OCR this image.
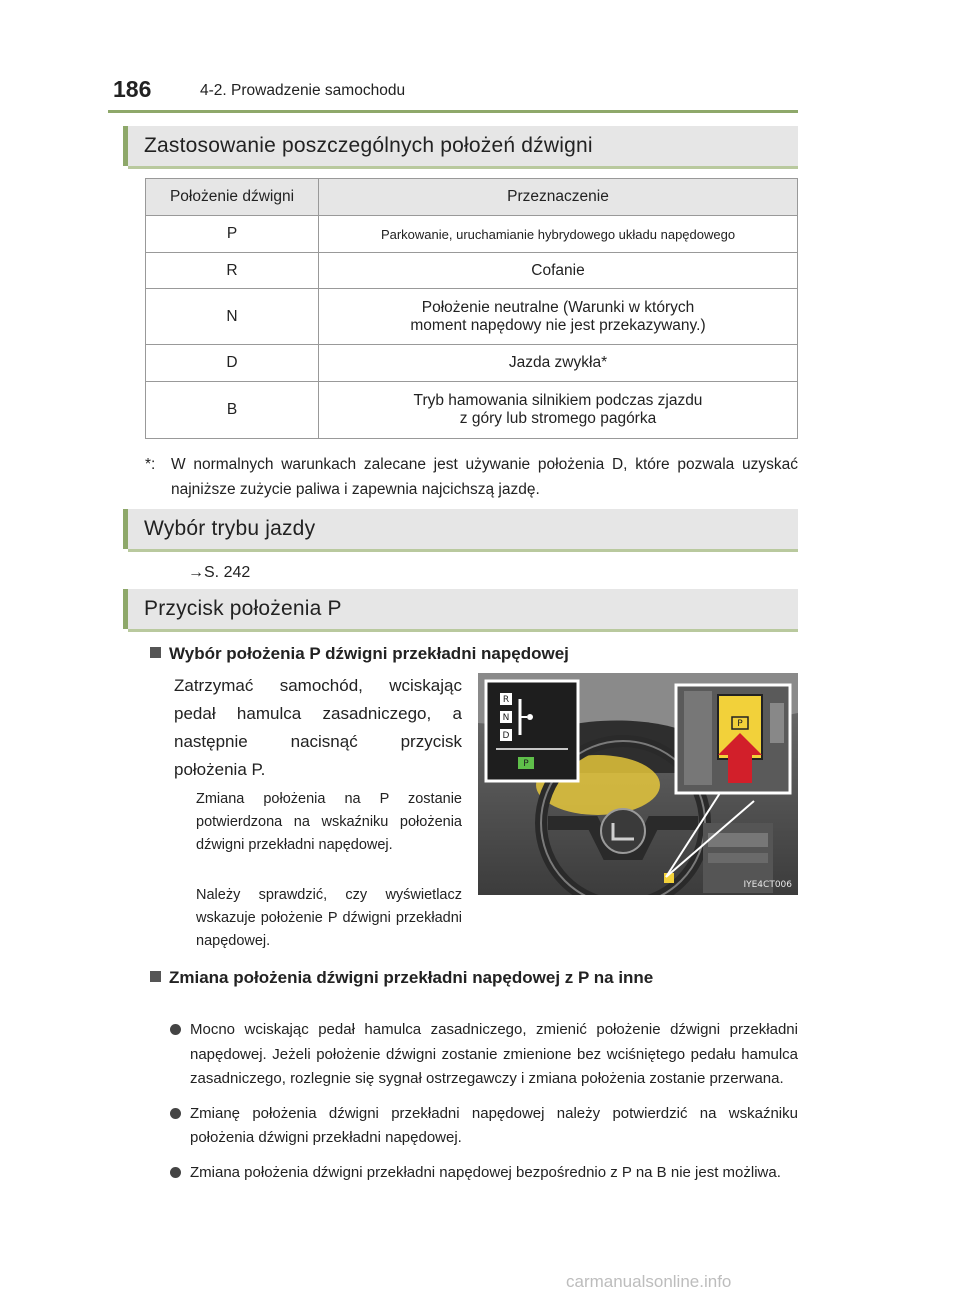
186	4-2. Prowadzenie samochodu
Zastosowanie poszczególnych położeń dźwigni
Położenie dźwigni	Przeznaczenie
P	Parkowanie, uruchamianie hybrydowego układu napędowego
R	Cofanie
N	Położenie neutralne (Warunki w których
moment napędowy nie jest przekazywany.)

D	Jazda zwykła*
B	Tryb hamowania silnikiem podczas zjazdu
z góry lub stromego pagórka
*: W normalnych warunkach zalecane jest używanie położenia D, które pozwala uzyskać najniższe zużycie paliwa i zapewnia najcichszą jazdę.
Wybór trybu jazdy
→S. 242
Przycisk położenia P
Wybór położenia P dźwigni przekładni napędowej
Zatrzymać samochód, wciskając pedał hamulca zasadniczego, a następnie nacisnąć przycisk położenia P.
Zmiana położenia na P zostanie potwierdzona na wskaźniku położenia dźwigni przekładni napędowej.
Należy sprawdzić, czy wyświetlacz wskazuje położenie P dźwigni przekładni napędowej.
R
N
D
P
P
IYE4CT006
Zmiana położenia dźwigni przekładni napędowej z P na inne
Mocno wciskając pedał hamulca zasadniczego, zmienić położenie dźwigni przekładni napędowej. Jeżeli położenie dźwigni zostanie zmienione bez wciśniętego pedału hamulca zasadniczego, rozlegnie się sygnał ostrzegawczy i zmiana położenia zostanie przerwana.
Zmianę położenia dźwigni przekładni napędowej należy potwierdzić na wskaźniku położenia dźwigni przekładni napędowej.
Zmiana położenia dźwigni przekładni napędowej bezpośrednio z P na B nie jest możliwa.
carmanualsonline.info
